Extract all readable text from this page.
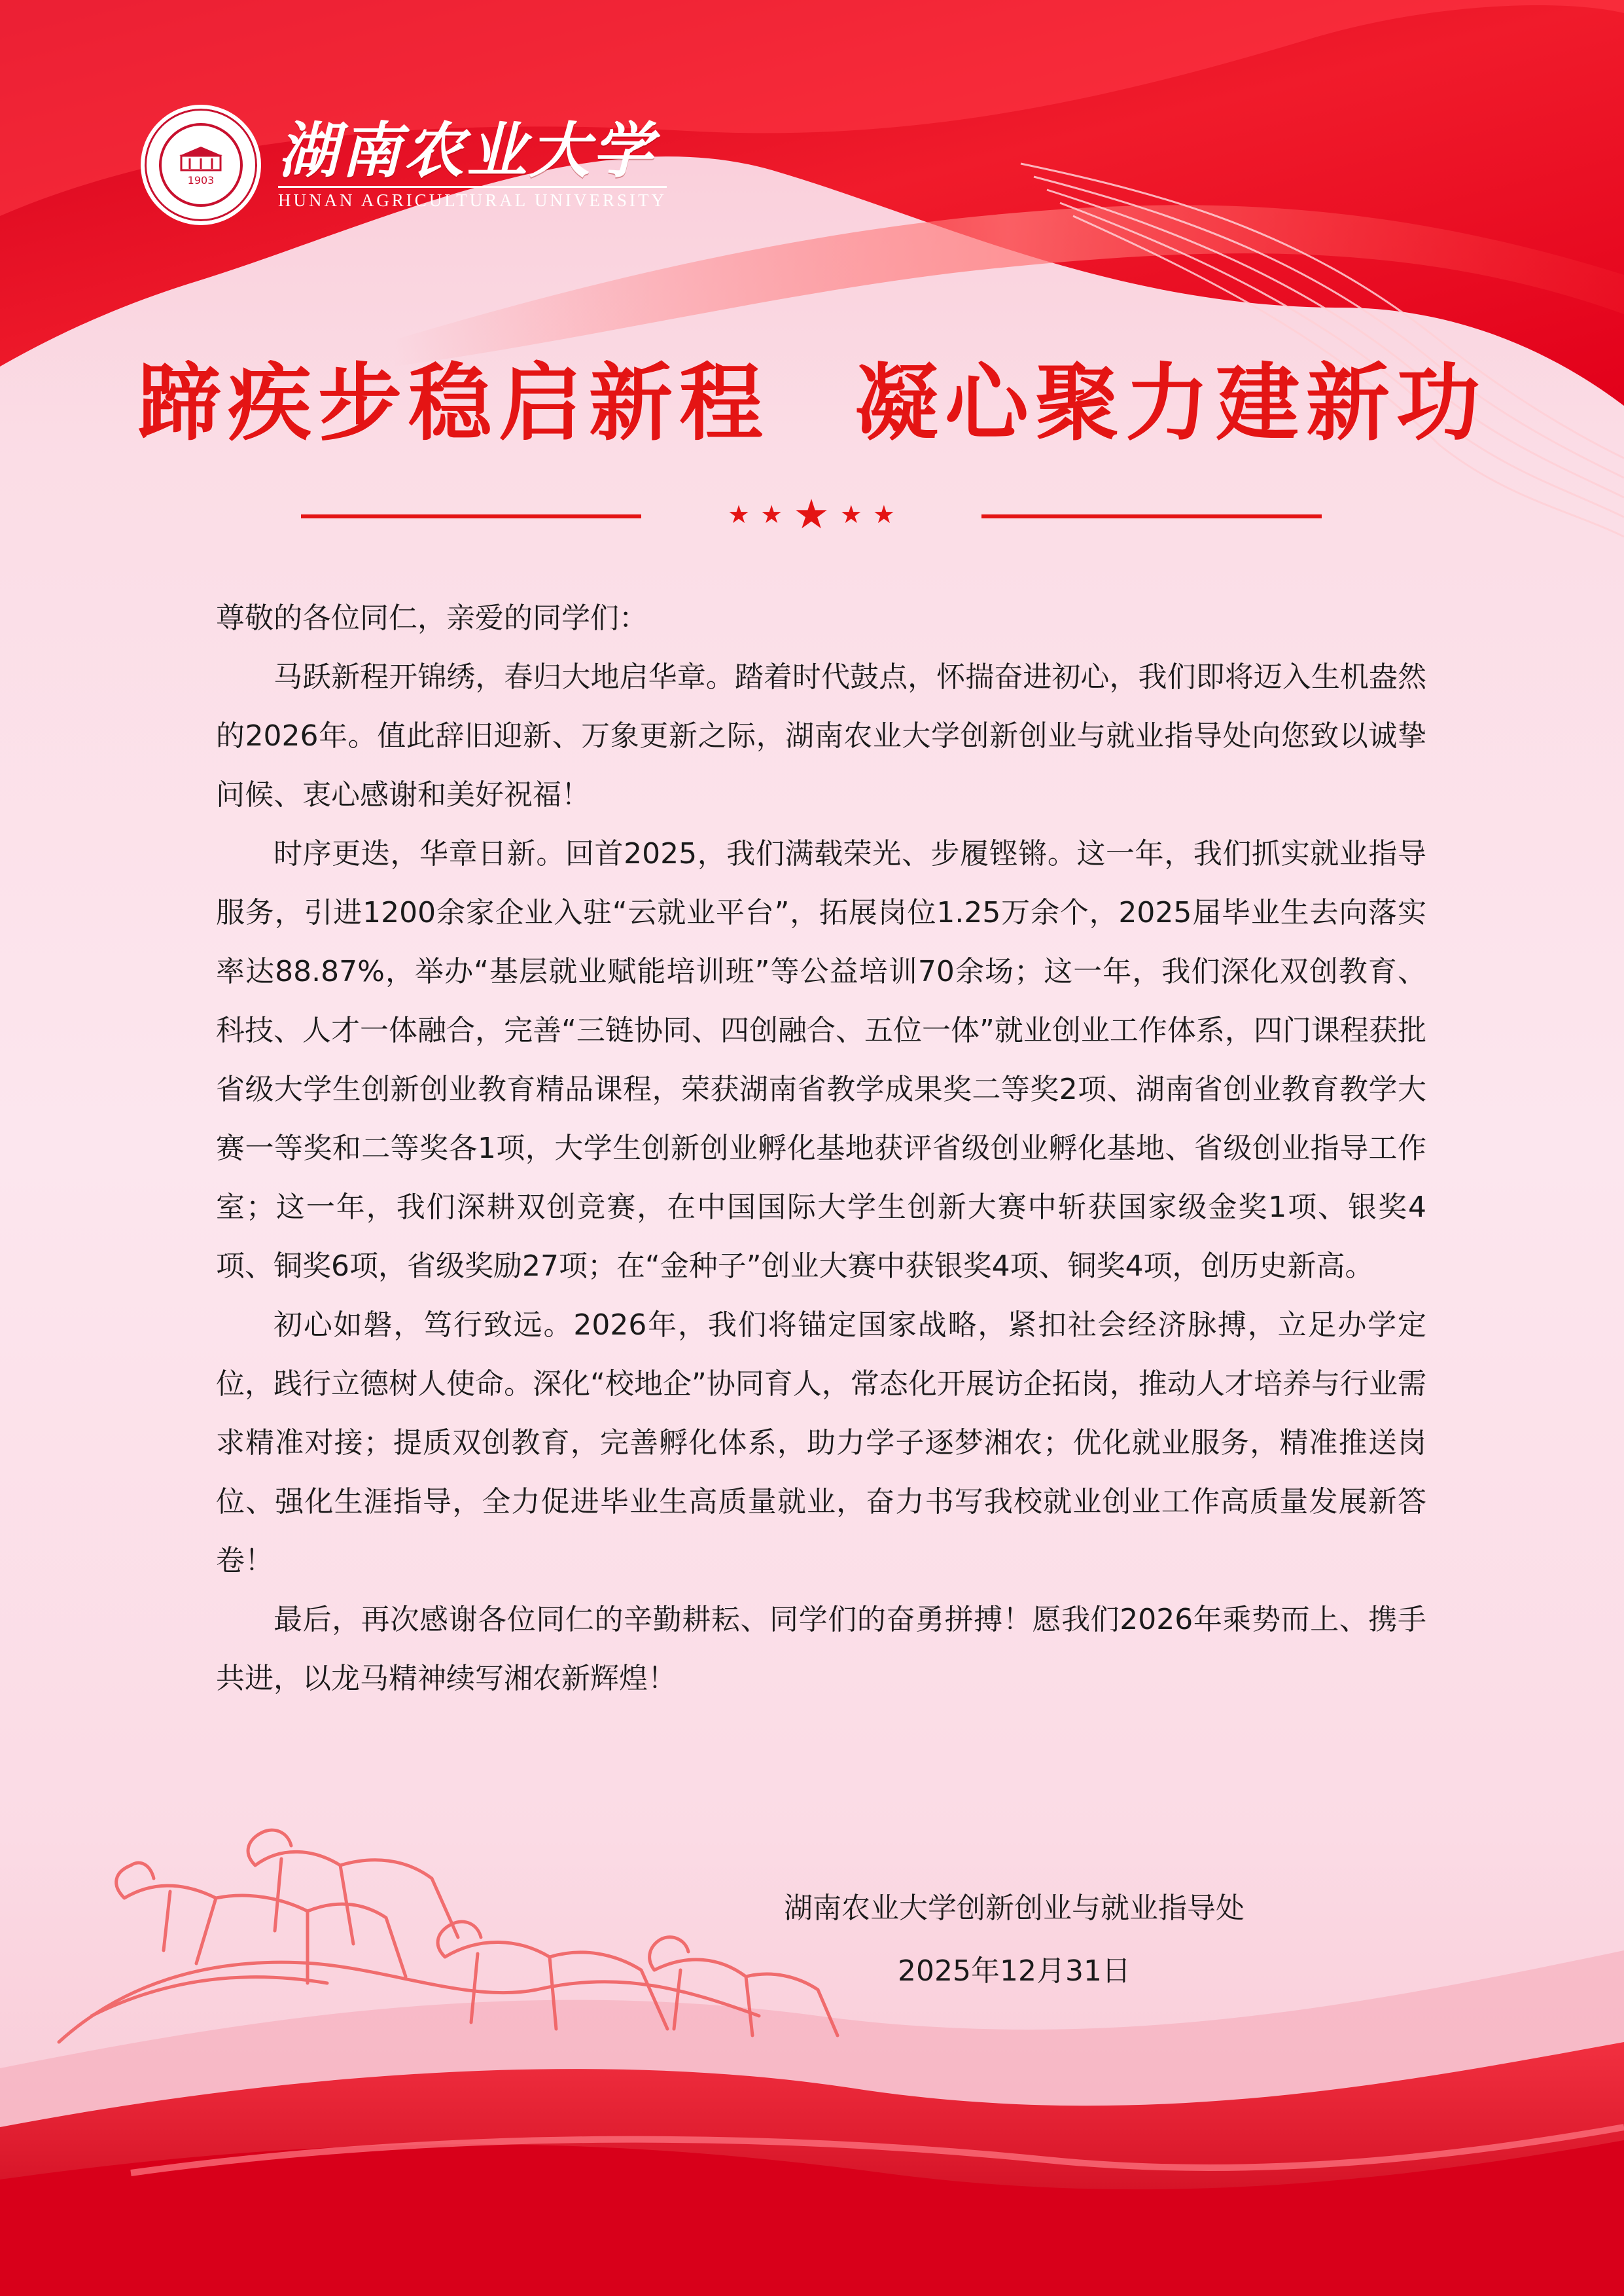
1903 湖南农业大学
HUNAN AGRICULTURAL UNIVERSITY
蹄疾步稳启新程 凝心聚力建新功
★ ★ ★ ★ ★

尊敬的各位同仁，亲爱的同学们：

马跃新程开锦绣，春归大地启华章。踏着时代鼓点，怀揣奋进初心，我们即将迈入生机盎然的2026年。值此辞旧迎新、万象更新之际，湖南农业大学创新创业与就业指导处向您致以诚挚问候、衷心感谢和美好祝福！

时序更迭，华章日新。回首2025，我们满载荣光、步履铿锵。这一年，我们抓实就业指导服务，引进1200余家企业入驻“云就业平台”，拓展岗位1.25万余个，2025届毕业生去向落实率达88.87%，举办“基层就业赋能培训班”等公益培训70余场；这一年，我们深化双创教育、科技、人才一体融合，完善“三链协同、四创融合、五位一体”就业创业工作体系，四门课程获批省级大学生创新创业教育精品课程，荣获湖南省教学成果奖二等奖2项、湖南省创业教育教学大赛一等奖和二等奖各1项，大学生创新创业孵化基地获评省级创业孵化基地、省级创业指导工作室；这一年，我们深耕双创竞赛，在中国国际大学生创新大赛中斩获国家级金奖1项、银奖4项、铜奖6项，省级奖励27项；在“金种子”创业大赛中获银奖4项、铜奖4项，创历史新高。

初心如磐，笃行致远。2026年，我们将锚定国家战略，紧扣社会经济脉搏，立足办学定位，践行立德树人使命。深化“校地企”协同育人，常态化开展访企拓岗，推动人才培养与行业需求精准对接；提质双创教育，完善孵化体系，助力学子逐梦湘农；优化就业服务，精准推送岗位、强化生涯指导，全力促进毕业生高质量就业，奋力书写我校就业创业工作高质量发展新答卷！

最后，再次感谢各位同仁的辛勤耕耘、同学们的奋勇拼搏！愿我们2026年乘势而上、携手共进，以龙马精神续写湘农新辉煌！

湖南农业大学创新创业与就业指导处
2025年12月31日
